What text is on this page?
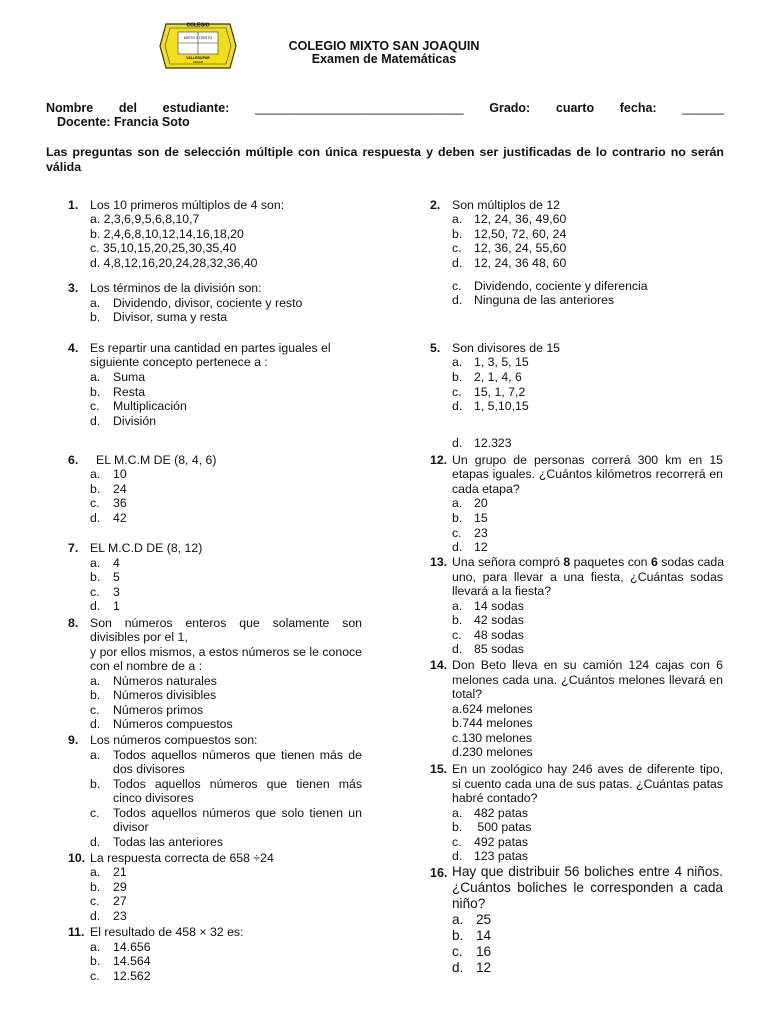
COLEGIO
MIXTO Y CRISTO
VALLEDUPAR
CESAR
COLEGIO MIXTO SAN JOAQUIN
Examen de Matemáticas
Nombre del estudiante: ______________________________ Grado: cuarto fecha: ______
Docente: Francia Soto
Las preguntas son de selección múltiple con única respuesta y deben ser justificadas de lo contrario no serán válida
1. Los 10 primeros múltiplos de 4 son:
a. 2,3,6,9,5,6,8,10,7
b. 2,4,6,8,10,12,14,16,18,20
c. 35,10,15,20,25,30,35,40
d. 4,8,12,16,20,24,28,32,36,40
3. Los términos de la división son:
a. Dividendo, divisor, cociente y resto
b. Divisor, suma y resta
4. Es repartir una cantidad en partes iguales el
siguiente concepto pertenece a :
a. Suma
b. Resta
c. Multiplicación
d. División
6. EL M.C.M DE (8, 4, 6)
a. 10
b. 24
c. 36
d. 42
7. EL M.C.D DE (8, 12)
a. 4
b. 5
c. 3
d. 1
8. Son números enteros que solamente son
divisibles por el 1,
y por ellos mismos, a estos números se le conoce
con el nombre de a :
a. Números naturales
b. Números divisibles
c. Números primos
d. Números compuestos
9. Los números compuestos son:
a. Todos aquellos números que tienen más de
dos divisores
b. Todos aquellos números que tienen más
cinco divisores
c. Todos aquellos números que solo tienen un
divisor
d. Todas las anteriores
10. La respuesta correcta de 658 ÷24
a. 21
b. 29
c. 27
d. 23
11. El resultado de 458 × 32 es:
a. 14.656
b. 14.564
c. 12.562
2. Son múltiplos de 12
a. 12, 24, 36, 49,60
b. 12,50, 72, 60, 24
c. 12, 36, 24, 55,60
d. 12, 24, 36 48, 60
c. Dividendo, cociente y diferencia
d. Ninguna de las anteriores
5. Son divisores de 15
a. 1, 3, 5, 15
b. 2, 1, 4, 6
c. 15, 1, 7,2
d. 1, 5,10,15
d. 12.323
12. Un grupo de personas correrá 300 km en 15
etapas iguales. ¿Cuántos kilómetros recorrerá en
cada etapa?
a. 20
b. 15
c. 23
d. 12
13. Una señora compró 8 paquetes con 6 sodas cada
uno, para llevar a una fiesta, ¿Cuántas sodas
llevará a la fiesta?
a. 14 sodas
b. 42 sodas
c. 48 sodas
d. 85 sodas
14. Don Beto lleva en su camión 124 cajas con 6
melones cada una. ¿Cuántos melones llevará en
total?
a.624 melones
b.744 melones
c.130 melones
d.230 melones
15. En un zoológico hay 246 aves de diferente tipo,
si cuento cada una de sus patas. ¿Cuántas patas
habré contado?
a. 482 patas
b. 500 patas
c. 492 patas
d. 123 patas
16. Hay que distribuir 56 boliches entre 4 niños.
¿Cuántos boliches le corresponden a cada
niño?
a. 25
b. 14
c. 16
d. 12
